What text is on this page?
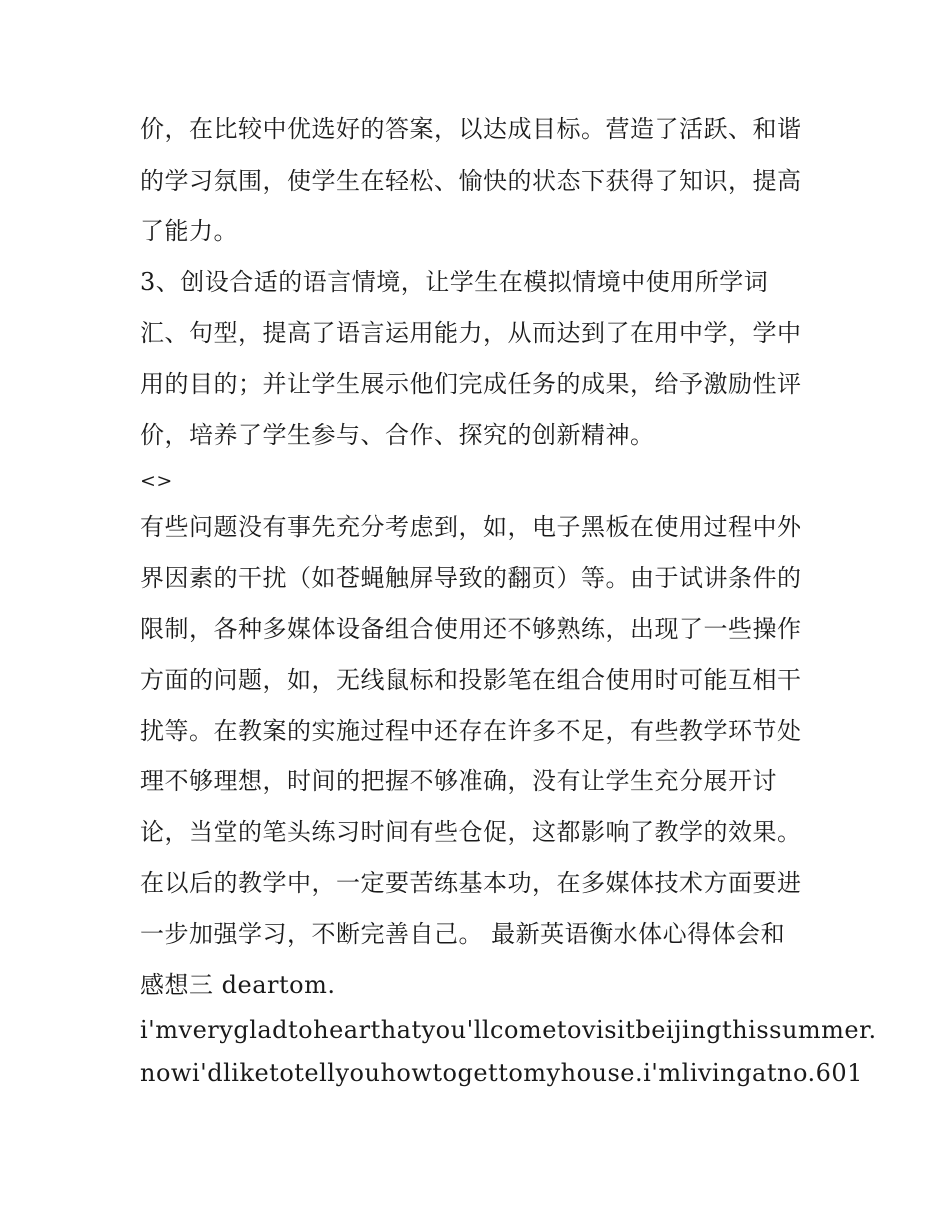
价，在比较中优选好的答案，以达成目标。营造了活跃、和谐
的学习氛围，使学生在轻松、愉快的状态下获得了知识，提高
了能力。
3、创设合适的语言情境，让学生在模拟情境中使用所学词
汇、句型，提高了语言运用能力，从而达到了在用中学，学中
用的目的；并让学生展示他们完成任务的成果，给予激励性评
价，培养了学生参与、合作、探究的创新精神。
<>
有些问题没有事先充分考虑到，如，电子黑板在使用过程中外
界因素的干扰（如苍蝇触屏导致的翻页）等。由于试讲条件的
限制，各种多媒体设备组合使用还不够熟练，出现了一些操作
方面的问题，如，无线鼠标和投影笔在组合使用时可能互相干
扰等。在教案的实施过程中还存在许多不足，有些教学环节处
理不够理想，时间的把握不够准确，没有让学生充分展开讨
论，当堂的笔头练习时间有些仓促，这都影响了教学的效果。
在以后的教学中，一定要苦练基本功，在多媒体技术方面要进
一步加强学习，不断完善自己。 最新英语衡水体心得体会和
感想三 deartom.
i'mverygladtohearthatyou'llcometovisitbeijingthissummer.
nowi'dliketotellyouhowtogettomyhouse.i'mlivingatno.601
